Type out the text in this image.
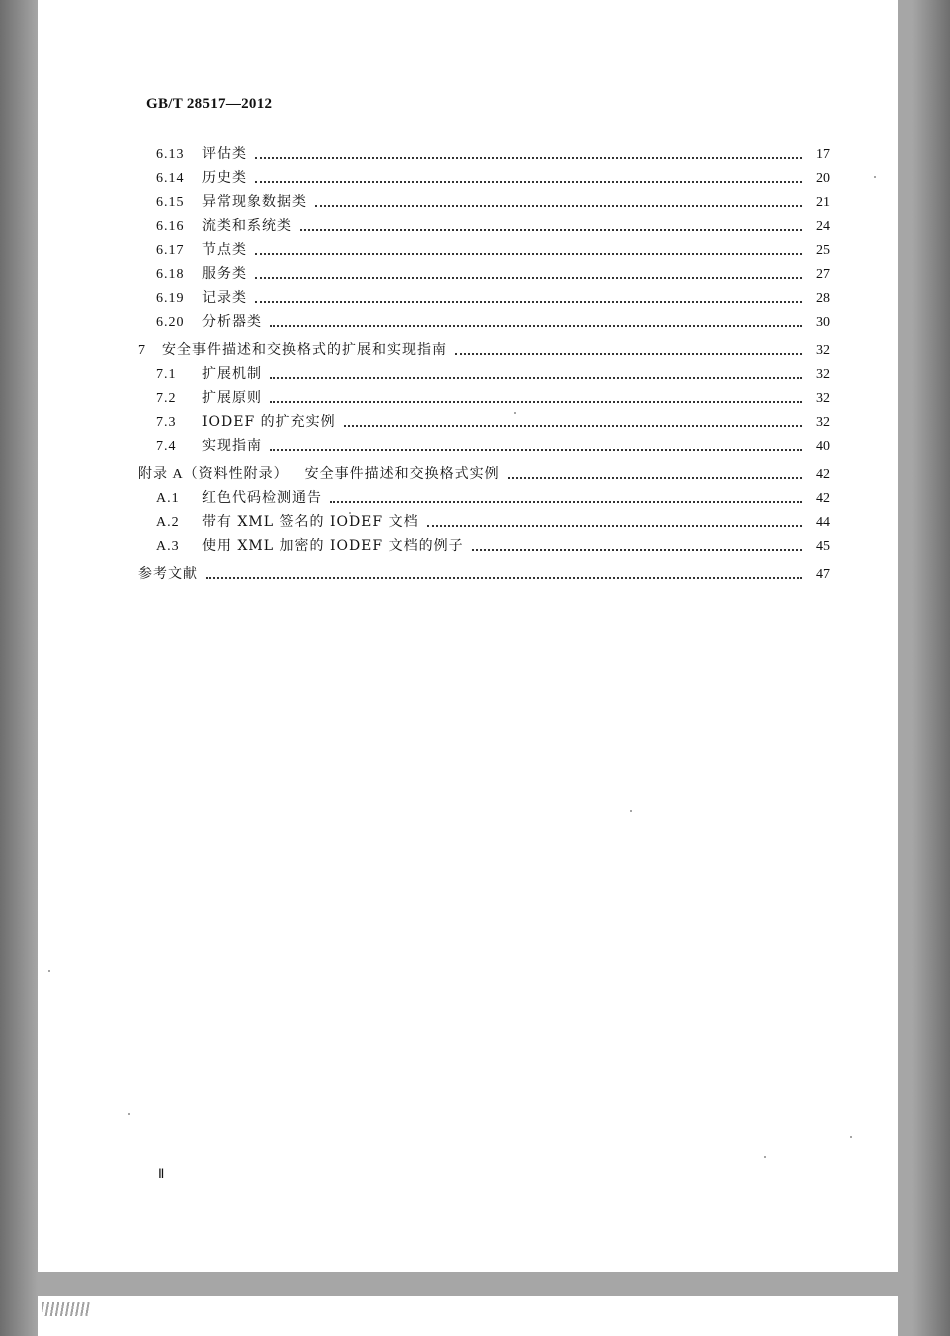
GB/T 28517—2012
6.13	评估类	17
6.14	历史类	20
6.15	异常现象数据类	21
6.16	流类和系统类	24
6.17	节点类	25
6.18	服务类	27
6.19	记录类	28
6.20	分析器类	30
7	安全事件描述和交换格式的扩展和实现指南	32
7.1	扩展机制	32
7.2	扩展原则	32
7.3	IODEF 的扩充实例	32
7.4	实现指南	40
附录 A（资料性附录） 安全事件描述和交换格式实例	42
A.1	红色代码检测通告	42
A.2	带有 XML 签名的 IODEF 文档	44
A.3	使用 XML 加密的 IODEF 文档的例子	45
参考文献	47
Ⅱ
